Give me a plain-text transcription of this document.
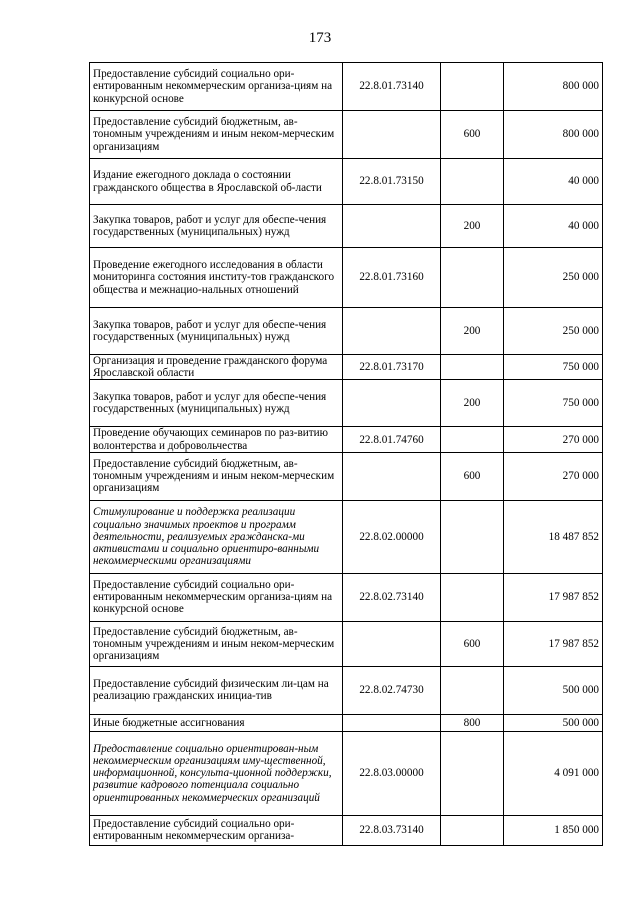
173
Предоставление субсидий социально ори-ентированным некоммерческим организа-циям на конкурсной основе	22.8.01.73140		800 000
Предоставление субсидий бюджетным, ав-тономным учреждениям и иным неком-мерческим организациям		600	800 000
Издание ежегодного доклада о состоянии гражданского общества в Ярославской об-ласти	22.8.01.73150		40 000
Закупка товаров, работ и услуг для обеспе-чения государственных (муниципальных) нужд		200	40 000
Проведение ежегодного исследования в области мониторинга состояния институ-тов гражданского общества и межнацио-нальных отношений	22.8.01.73160		250 000
Закупка товаров, работ и услуг для обеспе-чения государственных (муниципальных) нужд		200	250 000
Организация и проведение гражданского форума Ярославской области	22.8.01.73170		750 000
Закупка товаров, работ и услуг для обеспе-чения государственных (муниципальных) нужд		200	750 000
Проведение обучающих семинаров по раз-витию волонтерства и добровольчества	22.8.01.74760		270 000
Предоставление субсидий бюджетным, ав-тономным учреждениям и иным неком-мерческим организациям		600	270 000
Стимулирование и поддержка реализации социально значимых проектов и программ деятельности, реализуемых гражданска-ми активистами и социально ориентиро-ванными некоммерческими организациями	22.8.02.00000		18 487 852
Предоставление субсидий социально ори-ентированным некоммерческим организа-циям на конкурсной основе	22.8.02.73140		17 987 852
Предоставление субсидий бюджетным, ав-тономным учреждениям и иным неком-мерческим организациям		600	17 987 852
Предоставление субсидий физическим ли-цам на реализацию гражданских инициа-тив	22.8.02.74730		500 000
Иные бюджетные ассигнования		800	500 000
Предоставление социально ориентирован-ным некоммерческим организациям иму-щественной, информационной, консульта-ционной поддержки, развитие кадрового потенциала социально ориентированных некоммерческих организаций	22.8.03.00000		4 091 000
Предоставление субсидий социально ори-ентированным некоммерческим организа-	22.8.03.73140		1 850 000
